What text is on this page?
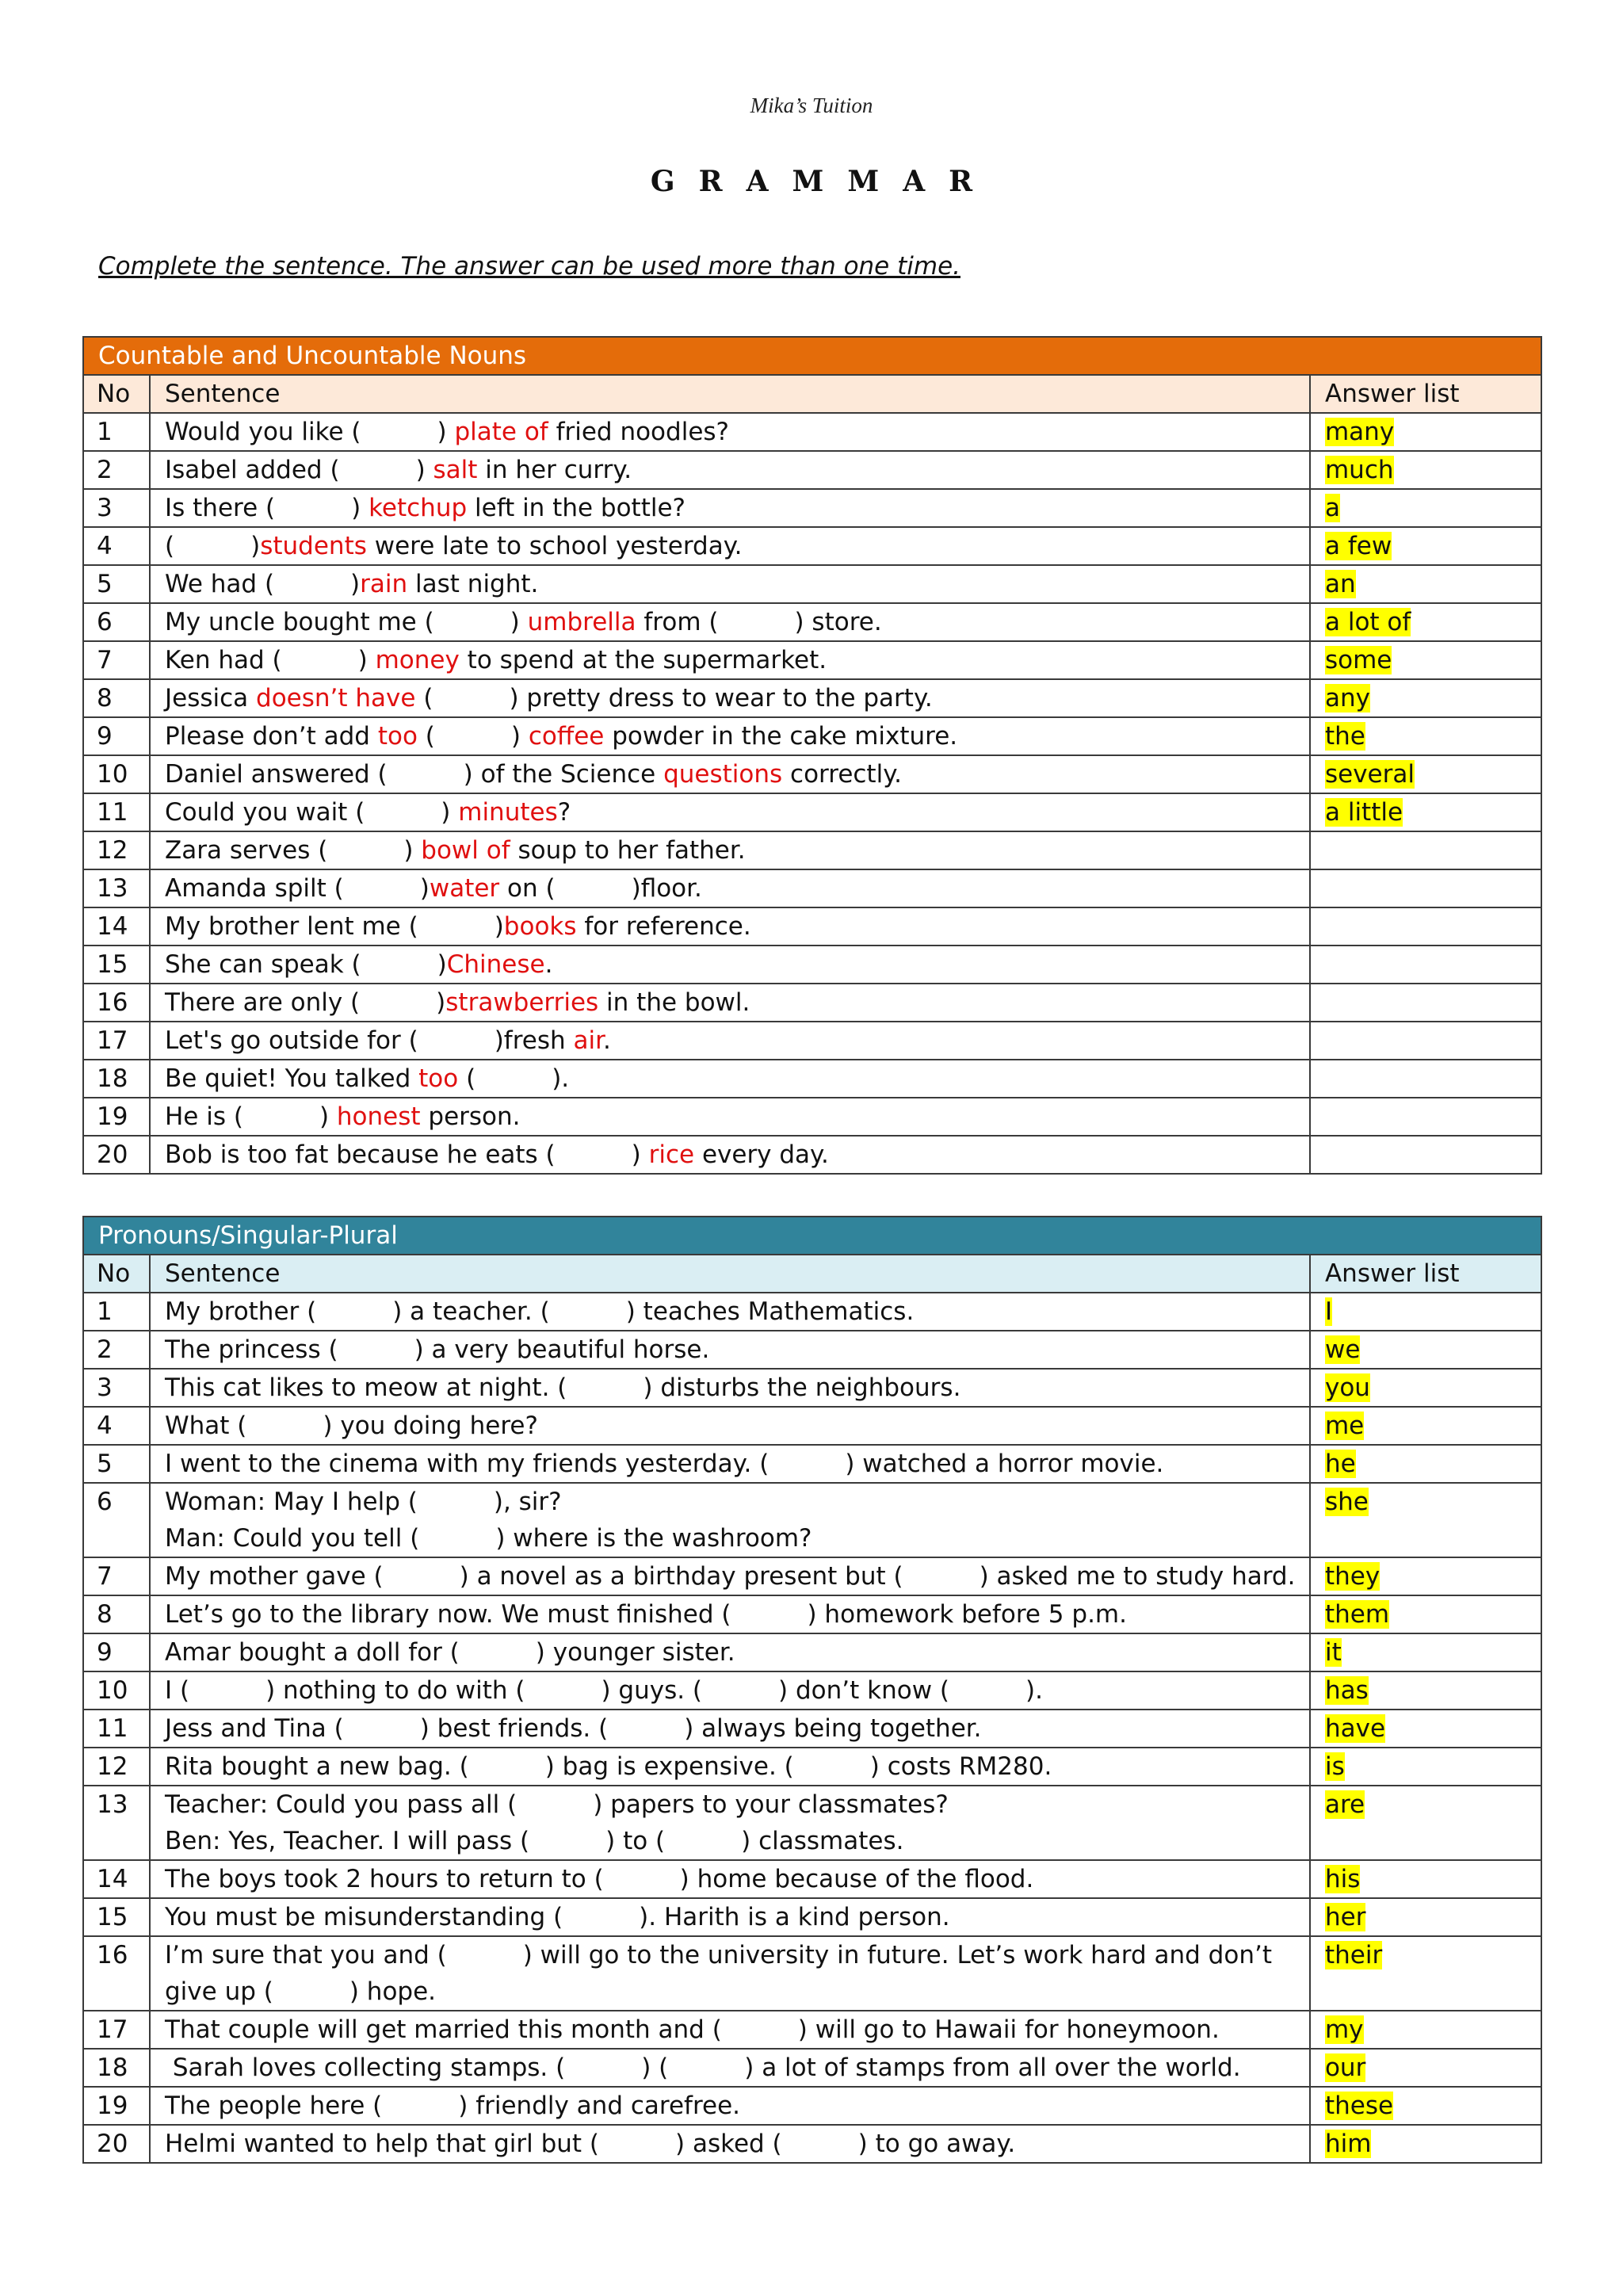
Mika’s Tuition
GRAMMAR
Complete the sentence. The answer can be used more than one time.
Countable and Uncountable Nouns		
No	Sentence	Answer list
1	Would you like ( ) plate of fried noodles?	many
2	Isabel added ( ) salt in her curry.	much
3	Is there ( ) ketchup left in the bottle?	a
4	( )students were late to school yesterday.	a few
5	We had ( )rain last night.	an
6	My uncle bought me ( ) umbrella from ( ) store.	a lot of
7	Ken had ( ) money to spend at the supermarket.	some
8	Jessica doesn’t have ( ) pretty dress to wear to the party.	any
9	Please don’t add too ( ) coffee powder in the cake mixture.	the
10	Daniel answered ( ) of the Science questions correctly.	several
11	Could you wait ( ) minutes?	a little
12	Zara serves ( ) bowl of soup to her father.	
13	Amanda spilt ( )water on ( )floor.	
14	My brother lent me ( )books for reference.	
15	She can speak ( )Chinese.	
16	There are only ( )strawberries in the bowl.	
17	Let's go outside for ( )fresh air.	
18	Be quiet! You talked too ( ).	
19	He is ( ) honest person.	
20	Bob is too fat because he eats ( ) rice every day.	
Pronouns/Singular-Plural		
No	Sentence	Answer list
1	My brother ( ) a teacher. ( ) teaches Mathematics.	I
2	The princess ( ) a very beautiful horse.	we
3	This cat likes to meow at night. ( ) disturbs the neighbours.	you
4	What ( ) you doing here?	me
5	I went to the cinema with my friends yesterday. ( ) watched a horror movie.	he
6	Woman: May I help ( ), sir?
Man: Could you tell ( ) where is the washroom?	she
7	My mother gave ( ) a novel as a birthday present but ( ) asked me to study hard.	they
8	Let’s go to the library now. We must finished ( ) homework before 5 p.m.	them
9	Amar bought a doll for ( ) younger sister.	it
10	I ( ) nothing to do with ( ) guys. ( ) don’t know ( ).	has
11	Jess and Tina ( ) best friends. ( ) always being together.	have
12	Rita bought a new bag. ( ) bag is expensive. ( ) costs RM280.	is
13	Teacher: Could you pass all ( ) papers to your classmates?
Ben: Yes, Teacher. I will pass ( ) to ( ) classmates.	are
14	The boys took 2 hours to return to ( ) home because of the flood.	his
15	You must be misunderstanding ( ). Harith is a kind person.	her
16	I’m sure that you and ( ) will go to the university in future. Let’s work hard and don’t
give up ( ) hope.	their
17	That couple will get married this month and ( ) will go to Hawaii for honeymoon.	my
18	Sarah loves collecting stamps. ( ) ( ) a lot of stamps from all over the world.	our
19	The people here ( ) friendly and carefree.	these
20	Helmi wanted to help that girl but ( ) asked ( ) to go away.	him
